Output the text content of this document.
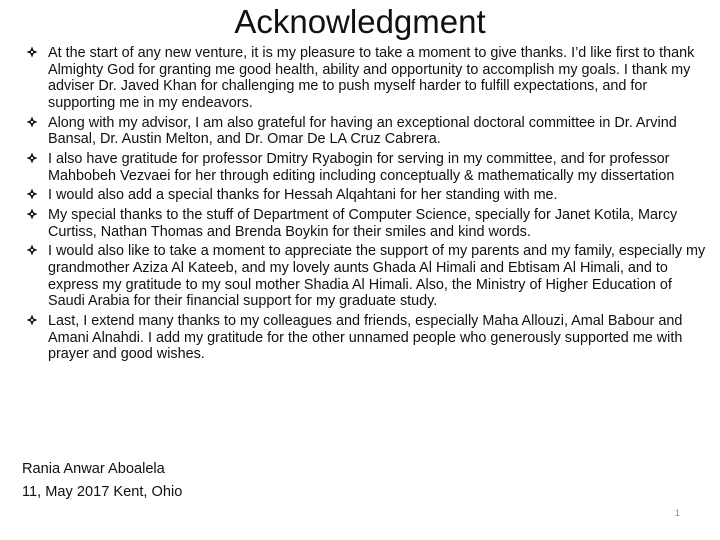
Acknowledgment
At the start of any new venture, it is my pleasure to take a moment to give thanks. I’d like first to thank Almighty God for granting me good health, ability and opportunity to accomplish my goals. I thank my adviser Dr. Javed Khan for challenging me to push myself harder to fulfill expectations, and for supporting me in my endeavors.
Along with my advisor, I am also grateful for having an exceptional doctoral committee in Dr. Arvind Bansal, Dr. Austin Melton, and Dr. Omar De LA Cruz Cabrera.
I also have gratitude for professor Dmitry Ryabogin for serving in my committee, and for professor Mahbobeh Vezvaei for her through editing including conceptually & mathematically my dissertation
I would also add a special thanks for Hessah Alqahtani for her standing with me.
My special thanks to the stuff of Department of Computer Science, specially for Janet Kotila, Marcy Curtiss, Nathan Thomas and Brenda Boykin for their smiles and kind words.
I would also like to take a moment to appreciate the support of my parents and my family, especially my grandmother Aziza Al Kateeb, and my lovely aunts Ghada Al Himali and Ebtisam Al Himali, and to express my gratitude to my soul mother Shadia Al Himali. Also, the Ministry of Higher Education of Saudi Arabia for their financial support for my graduate study.
Last, I extend many thanks to my colleagues and friends, especially Maha Allouzi, Amal Babour and Amani Alnahdi. I add my gratitude for the other unnamed people who generously supported me with prayer and good wishes.
Rania Anwar Aboalela
11, May 2017 Kent, Ohio
1
